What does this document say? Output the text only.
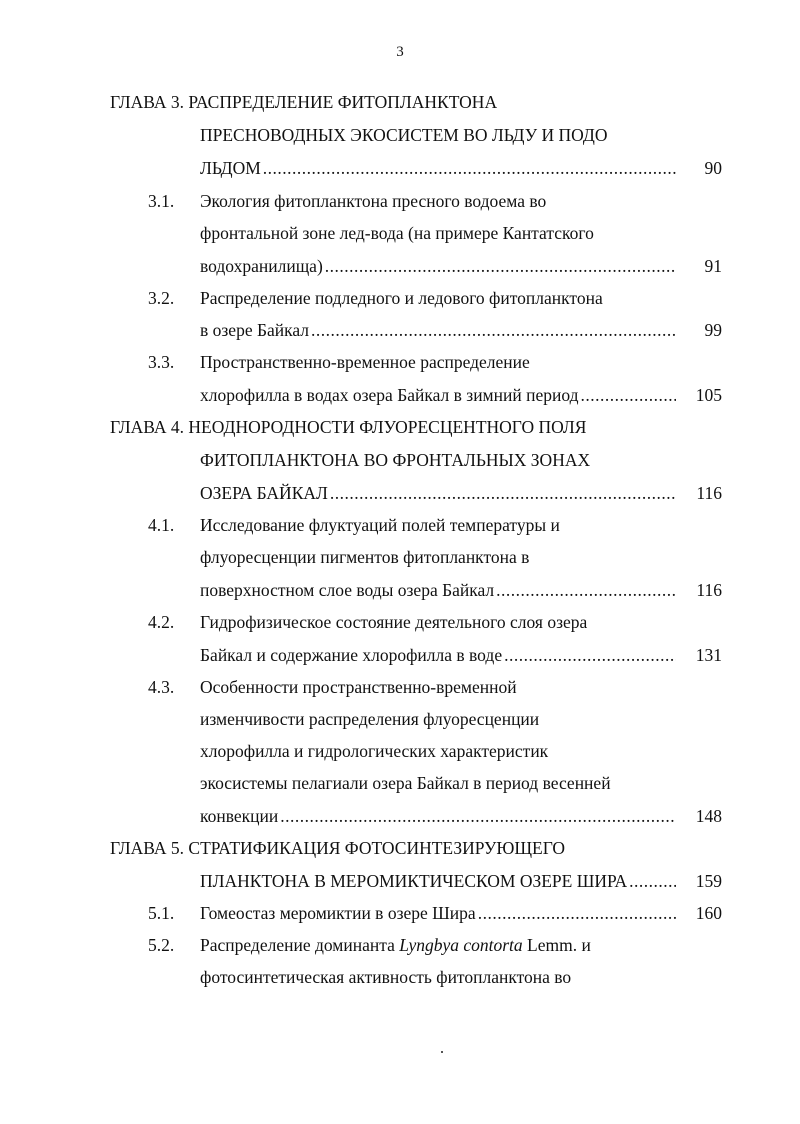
3
ГЛАВА 3. РАСПРЕДЕЛЕНИЕ ФИТОПЛАНКТОНА
ПРЕСНОВОДНЫХ ЭКОСИСТЕМ ВО ЛЬДУ И ПОДО
ЛЬДОМ .....	90
3.1. Экология фитопланктона пресного водоема во
фронтальной зоне лед-вода (на примере Кантатского
водохранилища) .....	91
3.2. Распределение подледного и ледового фитопланктона
в озере Байкал .....	99
3.3. Пространственно-временное распределение
хлорофилла в водах озера Байкал в зимний период .....	105
ГЛАВА 4. НЕОДНОРОДНОСТИ ФЛУОРЕСЦЕНТНОГО ПОЛЯ
ФИТОПЛАНКТОНА ВО ФРОНТАЛЬНЫХ ЗОНАХ
ОЗЕРА БАЙКАЛ .....	116
4.1. Исследование флуктуаций полей температуры и
флуоресценции пигментов фитопланктона в
поверхностном слое воды озера Байкал .....	116
4.2. Гидрофизическое состояние деятельного слоя озера
Байкал и содержание хлорофилла в воде .....	131
4.3. Особенности пространственно-временной
изменчивости распределения флуоресценции
хлорофилла и гидрологических характеристик
экосистемы пелагиали озера Байкал в период весенней
конвекции .....	148
ГЛАВА 5. СТРАТИФИКАЦИЯ ФОТОСИНТЕЗИРУЮЩЕГО
ПЛАНКТОНА В МЕРОМИКТИЧЕСКОМ ОЗЕРЕ ШИРА .....	159
5.1. Гомеостаз меромиктии в озере Шира .....	160
5.2. Распределение доминанта Lyngbya contorta Lemm. и
фотосинтетическая активность фитопланктона во
